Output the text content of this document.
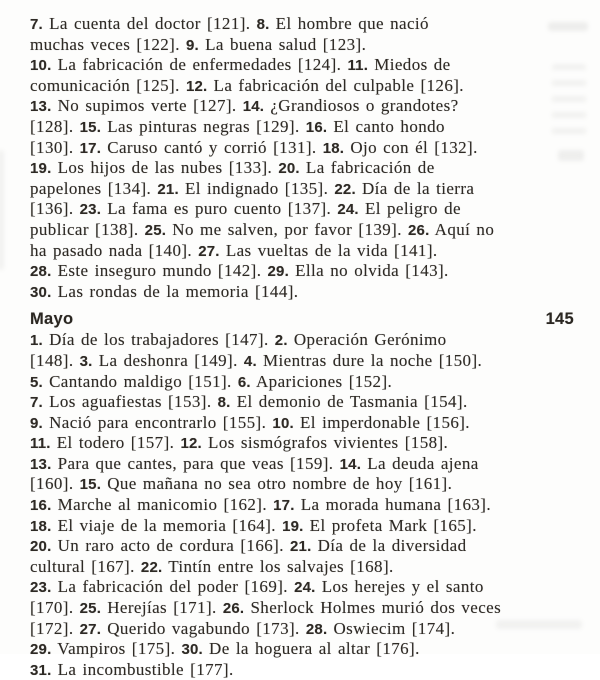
7. La cuenta del doctor [121]. 8. El hombre que nació
muchas veces [122]. 9. La buena salud [123].
10. La fabricación de enfermedades [124]. 11. Miedos de
comunicación [125]. 12. La fabricación del culpable [126].
13. No supimos verte [127]. 14. ¿Grandiosos o grandotes?
[128]. 15. Las pinturas negras [129]. 16. El canto hondo
[130]. 17. Caruso cantó y corrió [131]. 18. Ojo con él [132].
19. Los hijos de las nubes [133]. 20. La fabricación de
papelones [134]. 21. El indignado [135]. 22. Día de la tierra
[136]. 23. La fama es puro cuento [137]. 24. El peligro de
publicar [138]. 25. No me salven, por favor [139]. 26. Aquí no
ha pasado nada [140]. 27. Las vueltas de la vida [141].
28. Este inseguro mundo [142]. 29. Ella no olvida [143].
30. Las rondas de la memoria [144].
Mayo	145
1. Día de los trabajadores [147]. 2. Operación Gerónimo
[148]. 3. La deshonra [149]. 4. Mientras dure la noche [150].
5. Cantando maldigo [151]. 6. Apariciones [152].
7. Los aguafiestas [153]. 8. El demonio de Tasmania [154].
9. Nació para encontrarlo [155]. 10. El imperdonable [156].
11. El todero [157]. 12. Los sismógrafos vivientes [158].
13. Para que cantes, para que veas [159]. 14. La deuda ajena
[160]. 15. Que mañana no sea otro nombre de hoy [161].
16. Marche al manicomio [162]. 17. La morada humana [163].
18. El viaje de la memoria [164]. 19. El profeta Mark [165].
20. Un raro acto de cordura [166]. 21. Día de la diversidad
cultural [167]. 22. Tintín entre los salvajes [168].
23. La fabricación del poder [169]. 24. Los herejes y el santo
[170]. 25. Herejías [171]. 26. Sherlock Holmes murió dos veces
[172]. 27. Querido vagabundo [173]. 28. Oswiecim [174].
29. Vampiros [175]. 30. De la hoguera al altar [176].
31. La incombustible [177].
